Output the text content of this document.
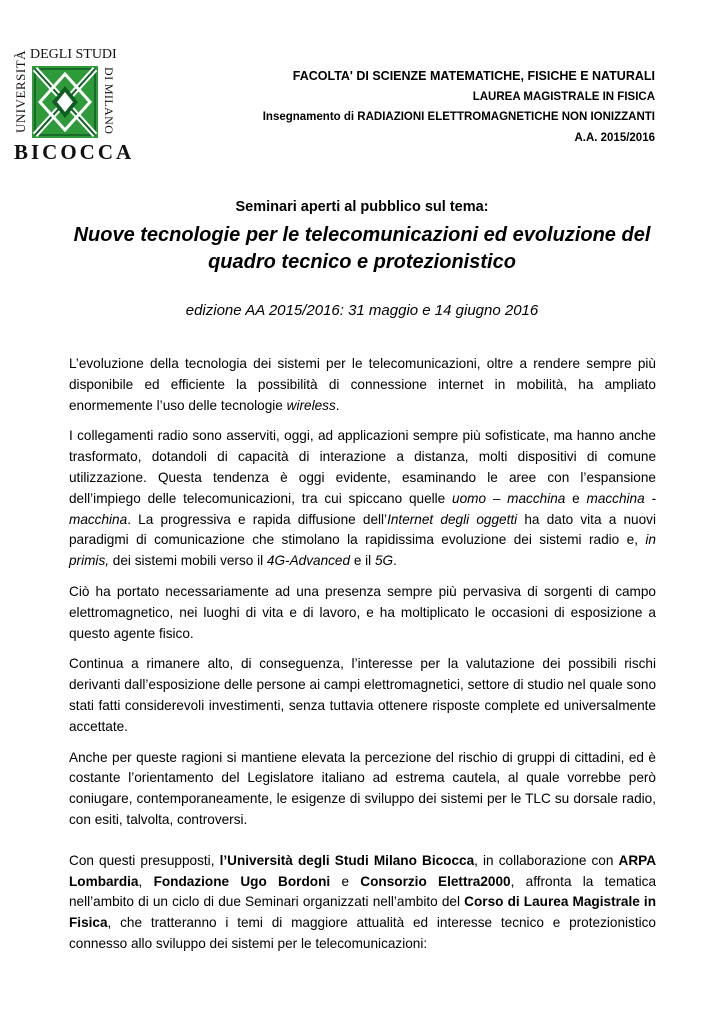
UNIVERSITÀ DEGLI STUDI
DI MILANO
BICOCCA
FACOLTA' DI SCIENZE MATEMATICHE, FISICHE E NATURALI
LAUREA MAGISTRALE IN FISICA
Insegnamento di RADIAZIONI ELETTROMAGNETICHE NON IONIZZANTI
A.A. 2015/2016
Seminari aperti al pubblico sul tema:
Nuove tecnologie per le telecomunicazioni ed evoluzione del
quadro tecnico e protezionistico
edizione AA 2015/2016: 31 maggio e 14 giugno 2016

L’evoluzione della tecnologia dei sistemi per le telecomunicazioni, oltre a rendere sempre più disponibile ed efficiente la possibilità di connessione internet in mobilità, ha ampliato enormemente l’uso delle tecnologie wireless.

I collegamenti radio sono asserviti, oggi, ad applicazioni sempre più sofisticate, ma hanno anche trasformato, dotandoli di capacità di interazione a distanza, molti dispositivi di comune utilizzazione. Questa tendenza è oggi evidente, esaminando le aree con l’espansione dell’impiego delle telecomunicazioni, tra cui spiccano quelle uomo – macchina e macchina - macchina. La progressiva e rapida diffusione dell’Internet degli oggetti ha dato vita a nuovi paradigmi di comunicazione che stimolano la rapidissima evoluzione dei sistemi radio e, in primis, dei sistemi mobili verso il 4G-Advanced e il 5G.

Ciò ha portato necessariamente ad una presenza sempre più pervasiva di sorgenti di campo elettromagnetico, nei luoghi di vita e di lavoro, e ha moltiplicato le occasioni di esposizione a questo agente fisico.

Continua a rimanere alto, di conseguenza, l’interesse per la valutazione dei possibili rischi derivanti dall’esposizione delle persone ai campi elettromagnetici, settore di studio nel quale sono stati fatti considerevoli investimenti, senza tuttavia ottenere risposte complete ed universalmente accettate.

Anche per queste ragioni si mantiene elevata la percezione del rischio di gruppi di cittadini, ed è costante l’orientamento del Legislatore italiano ad estrema cautela, al quale vorrebbe però coniugare, contemporaneamente, le esigenze di sviluppo dei sistemi per le TLC su dorsale radio, con esiti, talvolta, controversi.

Con questi presupposti, l’Università degli Studi Milano Bicocca, in collaborazione con ARPA Lombardia, Fondazione Ugo Bordoni e Consorzio Elettra2000, affronta la tematica nell’ambito di un ciclo di due Seminari organizzati nell’ambito del Corso di Laurea Magistrale in Fisica, che tratteranno i temi di maggiore attualità ed interesse tecnico e protezionistico connesso allo sviluppo dei sistemi per le telecomunicazioni:
